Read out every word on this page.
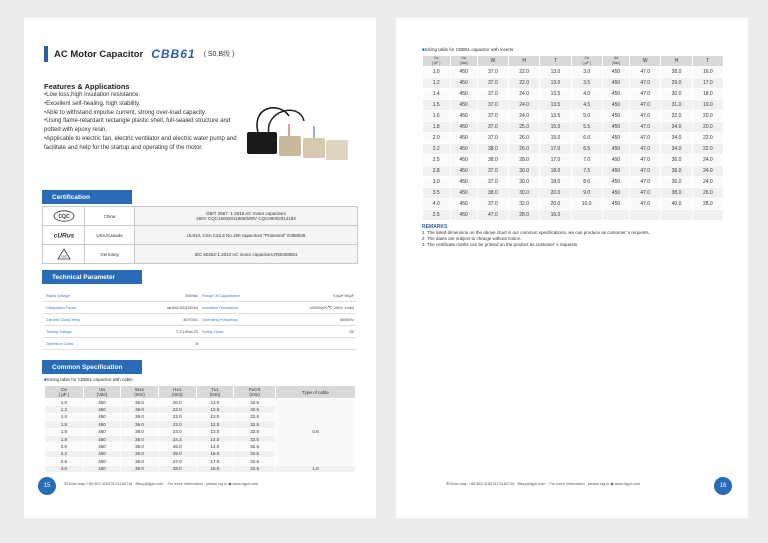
AC Motor Capacitor CBB61 ( S0,B级 )
Features & Applications
• Low loss,high insulation resistance.
• Excellent self-healing, high stability.
• Able to withstand impulse current, strong over-load capacity.
• Using flame-retardant rectangle plastic shell, full-sealed structure and potted with epoxy resin.
• Applicable to electric fan, electric ventilator and electric water pump and facilitate and help for the startup and operating of the motor.
Certification
CQC	China	GB/T 3667. 1-2016 AC motor capacitors
450V CQC16002011965/500V CQC09002014183

cURus	USA/Canada	UL810, CSA C22.2 No.190 capacitors "Protected" E358039

VDE	Germany	IEC 60252-1:2013 AC motor capacitors,R50408551
Technical Parameter
Rated Voltage	450Vac	Range Of Capacitance	0.6μF~80μF
Dissipation Factor	tanδ≤0.002(1KHz)	Insulation Resistance	≥3000s(20℃, 100V, 1min)
Climatic Class/Temp	40/70/21	Operating Frequency	50/60Hz
Testing Voltage	T-T:1.8Uɴ,2S	Safety Class	S0
Operation Class	B
Common Specification
■ Sizing table for CBB61 capacitor with cable
Cɴ
( μF )	Uɴ
(Vac)	W±1
(mm)	H±1
(mm)	T±1
(mm)	P±0.5
(mm)	Type of cable
1.0	450	36.0	20.0	11.0	32.5	0.8
1.2	450	36.0	22.0	12.0	32.5	
1.4	450	36.0	22.0	12.0	32.5	
1.5	450	36.0	22.0	12.0	32.5	
1.6	450	36.0	23.0	13.0	32.5	
1.8	450	36.0	24.3	14.0	32.5	
2.0	450	36.0	26.0	14.0	32.5	
2.2	450	36.0	25.0	16.0	32.5	
2.5	450	36.0	27.0	17.0	32.5	
3.0	450	36.0	28.0	18.0	32.5	1.0
15	✆ Order way: +86 563 4183787/4180718 ✉ szy@tgyh.com For more information , please log in ◉ www.rtgyh.com
■ Sizing table for CBB61 capacitor with inserts
Cɴ
( μF )	Uɴ
(Vac)	W	H	T	Cɴ
( μF )	Uɴ
(Vac)	W	H	T
1.0	450	37.0	22.0	13.0	3.0	450	47.0	28.0	16.0
1.2	450	37.0	22.0	13.0	3.5	450	47.0	29.0	17.0
1.4	450	37.0	24.0	13.5	4.0	450	47.0	30.0	18.0
1.5	450	37.0	24.0	13.5	4.5	450	47.0	31.0	19.0
1.6	450	37.0	24.0	13.5	5.0	450	47.0	32.0	20.0
1.8	450	37.0	25.0	15.0	5.5	450	47.0	34.0	20.0
2.0	450	37.0	26.0	15.0	6.0	450	47.0	34.0	22.0
2.2	450	38.0	26.0	17.0	6.5	450	47.0	34.0	22.0
2.5	450	38.0	28.0	17.0	7.0	450	47.0	36.0	24.0
2.8	450	37.0	30.0	18.0	7.5	450	47.0	38.0	24.0
3.0	450	37.0	30.0	18.0	8.0	450	47.0	36.0	24.0
3.5	450	38.0	30.0	20.0	9.0	450	47.0	38.0	26.0
4.0	450	37.0	32.0	20.0	10.0	450	47.0	40.0	28.0
2.5	450	47.0	28.0	16.0					
REMARKS
1. The listed dimension on the above chart is our common specifications, we can produce as customer' s requests.
2. The dates are subject to change without notice.
3. The certificate marks can be printed on the product as customer' s requests.
✆ Order way: +86 563 4183787/4180718 ✉ szy@tgyh.com For more information , please log in ◉ www.rtgyh.com	16
